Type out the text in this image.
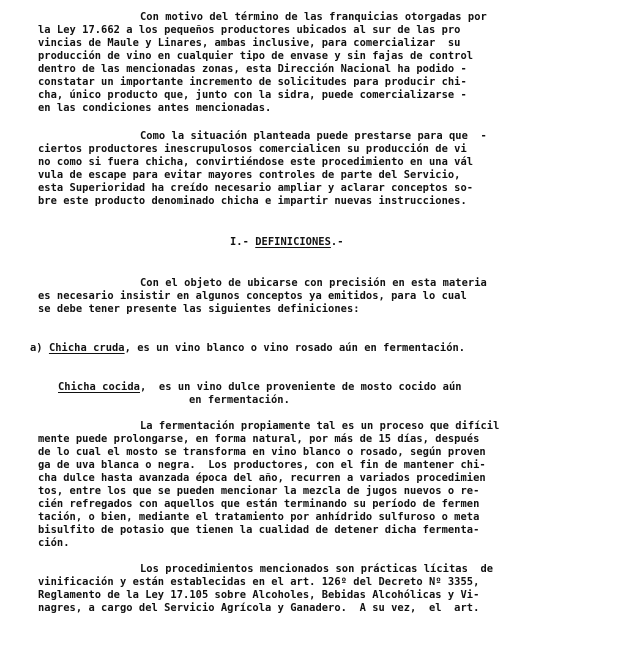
Con motivo del término de las franquicias otorgadas por
la Ley 17.662 a los pequeños productores ubicados al sur de las pro
vincias de Maule y Linares, ambas inclusive, para comercializar  su
producción de vino en cualquier tipo de envase y sin fajas de control
dentro de las mencionadas zonas, esta Dirección Nacional ha podido -
constatar un importante incremento de solicitudes para producir chi-
cha, único producto que, junto con la sidra, puede comercializarse -
en las condiciones antes mencionadas.
Como la situación planteada puede prestarse para que  -
ciertos productores inescrupulosos comercialicen su producción de vi
no como si fuera chicha, convirtiéndose este procedimiento en una vál
vula de escape para evitar mayores controles de parte del Servicio,
esta Superioridad ha creído necesario ampliar y aclarar conceptos so-
bre este producto denominado chicha e impartir nuevas instrucciones.
I.- DEFINICIONES.-
Con el objeto de ubicarse con precisión en esta materia
es necesario insistir en algunos conceptos ya emitidos, para lo cual
se debe tener presente las siguientes definiciones:
a) Chicha cruda, es un vino blanco o vino rosado aún en fermentación.
Chicha cocida,  es un vino dulce proveniente de mosto cocido aún
en fermentación.
La fermentación propiamente tal es un proceso que difícil
mente puede prolongarse, en forma natural, por más de 15 días, después
de lo cual el mosto se transforma en vino blanco o rosado, según proven
ga de uva blanca o negra.  Los productores, con el fin de mantener chi-
cha dulce hasta avanzada época del año, recurren a variados procedimien
tos, entre los que se pueden mencionar la mezcla de jugos nuevos o re-
cién refregados con aquellos que están terminando su período de fermen
tación, o bien, mediante el tratamiento por anhídrido sulfuroso o meta
bisulfito de potasio que tienen la cualidad de detener dicha fermenta-
ción.
Los procedimientos mencionados son prácticas lícitas  de
vinificación y están establecidas en el art. 126º del Decreto Nº 3355,
Reglamento de la Ley 17.105 sobre Alcoholes, Bebidas Alcohólicas y Vi-
nagres, a cargo del Servicio Agrícola y Ganadero.  A su vez,  el  art.
